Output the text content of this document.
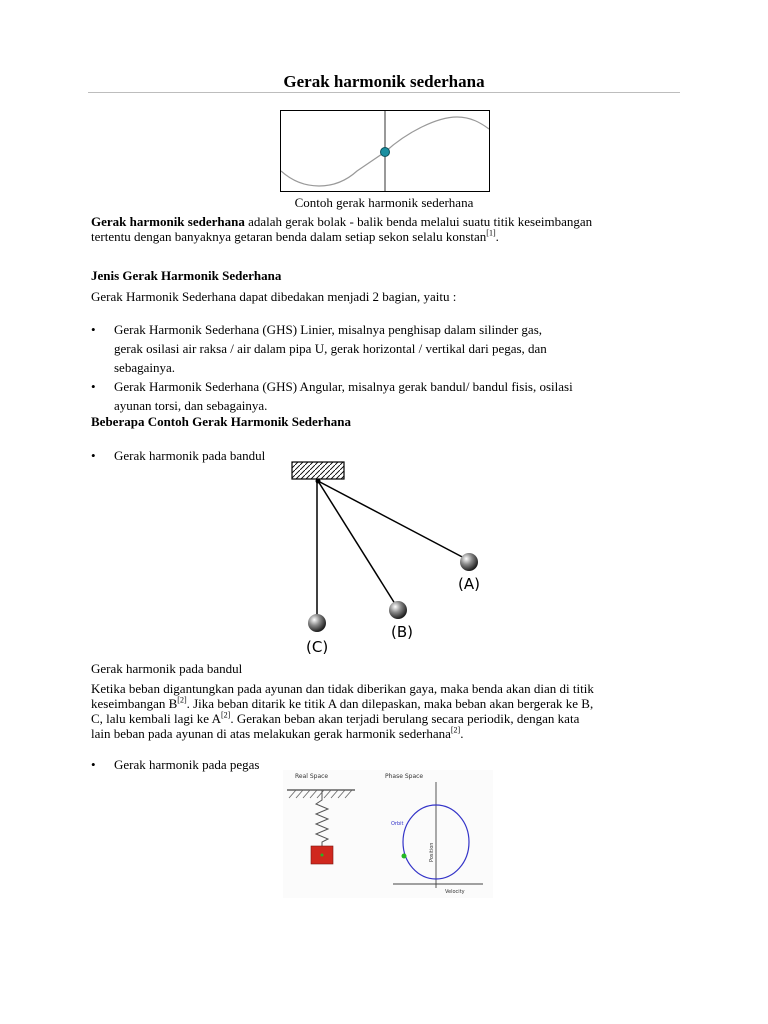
Gerak harmonik sederhana
Contoh gerak harmonik sederhana
Gerak harmonik sederhana adalah gerak bolak - balik benda melalui suatu titik keseimbangan
tertentu dengan banyaknya getaran benda dalam setiap sekon selalu konstan[1].
Jenis Gerak Harmonik Sederhana
Gerak Harmonik Sederhana dapat dibedakan menjadi 2 bagian, yaitu :
• Gerak Harmonik Sederhana (GHS) Linier, misalnya penghisap dalam silinder gas,
gerak osilasi air raksa / air dalam pipa U, gerak horizontal / vertikal dari pegas, dan
sebagainya.
• Gerak Harmonik Sederhana (GHS) Angular, misalnya gerak bandul/ bandul fisis, osilasi
ayunan torsi, dan sebagainya.
Beberapa Contoh Gerak Harmonik Sederhana
• Gerak harmonik pada bandul
(A)
(B)
(C)
Gerak harmonik pada bandul
Ketika beban digantungkan pada ayunan dan tidak diberikan gaya, maka benda akan dian di titik
keseimbangan B[2]. Jika beban ditarik ke titik A dan dilepaskan, maka beban akan bergerak ke B,
C, lalu kembali lagi ke A[2]. Gerakan beban akan terjadi berulang secara periodik, dengan kata
lain beban pada ayunan di atas melakukan gerak harmonik sederhana[2].
• Gerak harmonik pada pegas
Real Space	Phase Space
Orbit
Position
Velocity
